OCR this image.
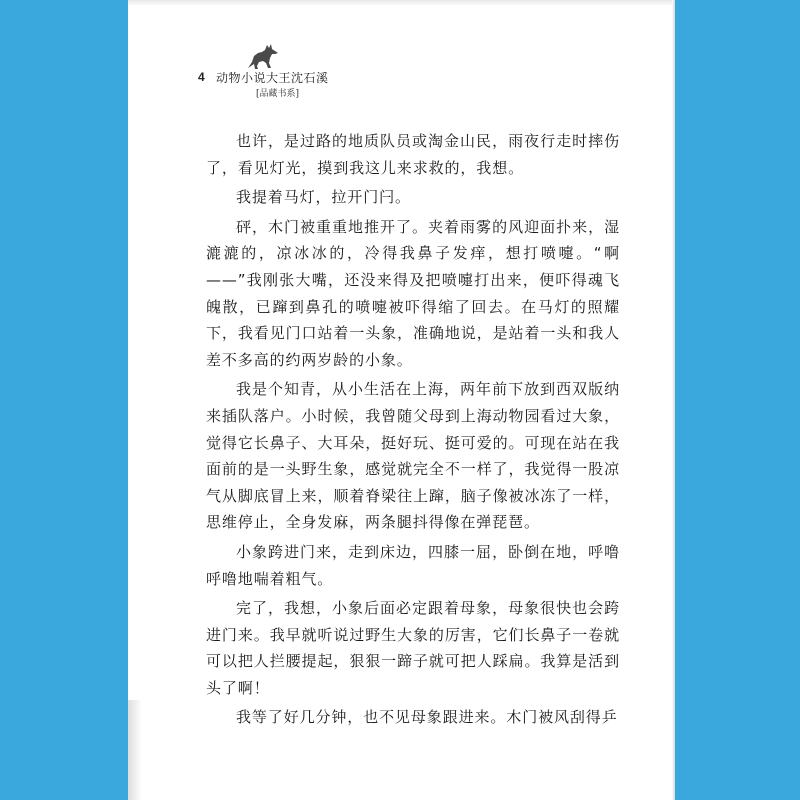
4 动物小说大王沈石溪
[品藏书系]

也许，是过路的地质队员或淘金山民，雨夜行走时摔伤了，看见灯光，摸到我这儿来求救的，我想。

我提着马灯，拉开门闩。

砰，木门被重重地推开了。夹着雨雾的风迎面扑来，湿漉漉的，凉冰冰的，冷得我鼻子发痒，想打喷嚏。“啊——”我刚张大嘴，还没来得及把喷嚏打出来，便吓得魂飞魄散，已蹿到鼻孔的喷嚏被吓得缩了回去。在马灯的照耀下，我看见门口站着一头象，准确地说，是站着一头和我人差不多高的约两岁龄的小象。

我是个知青，从小生活在上海，两年前下放到西双版纳来插队落户。小时候，我曾随父母到上海动物园看过大象，觉得它长鼻子、大耳朵，挺好玩、挺可爱的。可现在站在我面前的是一头野生象，感觉就完全不一样了，我觉得一股凉气从脚底冒上来，顺着脊梁往上蹿，脑子像被冰冻了一样，思维停止，全身发麻，两条腿抖得像在弹琵琶。

小象跨进门来，走到床边，四膝一屈，卧倒在地，呼噜呼噜地喘着粗气。

完了，我想，小象后面必定跟着母象，母象很快也会跨进门来。我早就听说过野生大象的厉害，它们长鼻子一卷就可以把人拦腰提起，狠狠一蹄子就可把人踩扁。我算是活到头了啊！

我等了好几分钟，也不见母象跟进来。木门被风刮得乒
